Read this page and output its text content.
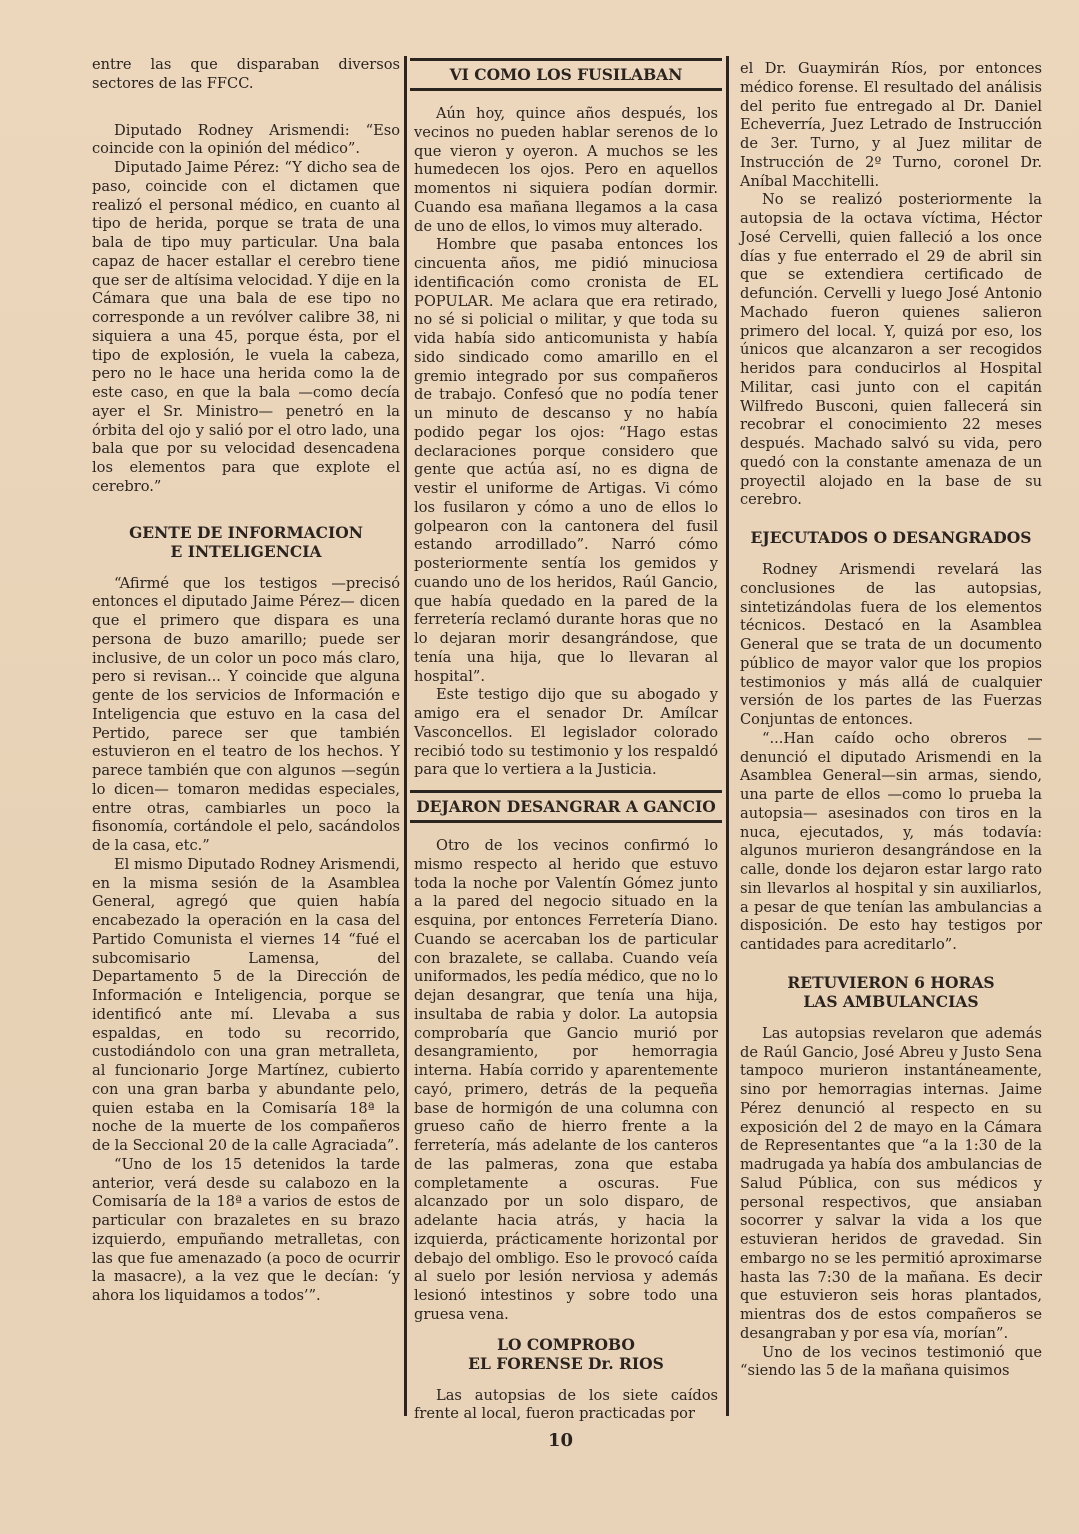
entre las que disparaban diversos sectores de las FFCC.

Diputado Rodney Arismendi: “Eso coincide con la opinión del médico”.

Diputado Jaime Pérez: “Y dicho sea de paso, coincide con el dictamen que realizó el personal médico, en cuanto al tipo de herida, porque se trata de una bala de tipo muy particular. Una bala capaz de hacer estallar el cerebro tiene que ser de altísima velocidad. Y dije en la Cámara que una bala de ese tipo no corresponde a un revólver calibre 38, ni siquiera a una 45, porque ésta, por el tipo de explosión, le vuela la cabeza, pero no le hace una herida como la de este caso, en que la bala —como decía ayer el Sr. Ministro— penetró en la órbita del ojo y salió por el otro lado, una bala que por su velocidad desencadena los elementos para que explote el cerebro.”

GENTE DE INFORMACION
E INTELIGENCIA

“Afirmé que los testigos —precisó entonces el diputado Jaime Pérez— dicen que el primero que dispara es una persona de buzo amarillo; puede ser inclusive, de un color un poco más claro, pero si revisan... Y coincide que alguna gente de los servicios de Información e Inteligencia que estuvo en la casa del Pertido, parece ser que también estuvieron en el teatro de los hechos. Y parece también que con algunos —según lo dicen— tomaron medidas especiales, entre otras, cambiarles un poco la fisonomía, cortándole el pelo, sacándolos de la casa, etc.”

El mismo Diputado Rodney Arismendi, en la misma sesión de la Asamblea General, agregó que quien había encabezado la operación en la casa del Partido Comunista el viernes 14 “fué el subcomisario Lamensa, del Departamento 5 de la Dirección de Información e Inteligencia, porque se identificó ante mí. Llevaba a sus espaldas, en todo su recorrido, custodiándolo con una gran metralleta, al funcionario Jorge Martínez, cubierto con una gran barba y abundante pelo, quien estaba en la Comisaría 18ª la noche de la muerte de los compañeros de la Seccional 20 de la calle Agraciada”.

“Uno de los 15 detenidos la tarde anterior, verá desde su calabozo en la Comisaría de la 18ª a varios de estos de particular con brazaletes en su brazo izquierdo, empuñando metralletas, con las que fue amenazado (a poco de ocurrir la masacre), a la vez que le decían: ‘y ahora los liquidamos a todos’”.

VI COMO LOS FUSILABAN

Aún hoy, quince años después, los vecinos no pueden hablar serenos de lo que vieron y oyeron. A muchos se les humedecen los ojos. Pero en aquellos momentos ni siquiera podían dormir. Cuando esa mañana llegamos a la casa de uno de ellos, lo vimos muy alterado.

Hombre que pasaba entonces los cincuenta años, me pidió minuciosa identificación como cronista de EL POPULAR. Me aclara que era retirado, no sé si policial o militar, y que toda su vida había sido anticomunista y había sido sindicado como amarillo en el gremio integrado por sus compañeros de trabajo. Confesó que no podía tener un minuto de descanso y no había podido pegar los ojos: “Hago estas declaraciones porque considero que gente que actúa así, no es digna de vestir el uniforme de Artigas. Vi cómo los fusilaron y cómo a uno de ellos lo golpearon con la cantonera del fusil estando arrodillado”. Narró cómo posteriormente sentía los gemidos y cuando uno de los heridos, Raúl Gancio, que había quedado en la pared de la ferretería reclamó durante horas que no lo dejaran morir desangrándose, que tenía una hija, que lo llevaran al hospital”.

Este testigo dijo que su abogado y amigo era el senador Dr. Amílcar Vasconcellos. El legislador colorado recibió todo su testimonio y los respaldó para que lo vertiera a la Justicia.

DEJARON DESANGRAR A GANCIO

Otro de los vecinos confirmó lo mismo respecto al herido que estuvo toda la noche por Valentín Gómez junto a la pared del negocio situado en la esquina, por entonces Ferretería Diano. Cuando se acercaban los de particular con brazalete, se callaba. Cuando veía uniformados, les pedía médico, que no lo dejan desangrar, que tenía una hija, insultaba de rabia y dolor. La autopsia comprobaría que Gancio murió por desangramiento, por hemorragia interna. Había corrido y aparentemente cayó, primero, detrás de la pequeña base de hormigón de una columna con grueso caño de hierro frente a la ferretería, más adelante de los canteros de las palmeras, zona que estaba completamente a oscuras. Fue alcanzado por un solo disparo, de adelante hacia atrás, y hacia la izquierda, prácticamente horizontal por debajo del ombligo. Eso le provocó caída al suelo por lesión nerviosa y además lesionó intestinos y sobre todo una gruesa vena.

LO COMPROBO
EL FORENSE Dr. RIOS

Las autopsias de los siete caídos frente al local, fueron practicadas por

el Dr. Guaymirán Ríos, por entonces médico forense. El resultado del análisis del perito fue entregado al Dr. Daniel Echeverría, Juez Letrado de Instrucción de 3er. Turno, y al Juez militar de Instrucción de 2º Turno, coronel Dr. Aníbal Macchitelli.

No se realizó posteriormente la autopsia de la octava víctima, Héctor José Cervelli, quien falleció a los once días y fue enterrado el 29 de abril sin que se extendiera certificado de defunción. Cervelli y luego José Antonio Machado fueron quienes salieron primero del local. Y, quizá por eso, los únicos que alcanzaron a ser recogidos heridos para conducirlos al Hospital Militar, casi junto con el capitán Wilfredo Busconi, quien fallecerá sin recobrar el conocimiento 22 meses después. Machado salvó su vida, pero quedó con la constante amenaza de un proyectil alojado en la base de su cerebro.

EJECUTADOS O DESANGRADOS

Rodney Arismendi revelará las conclusiones de las autopsias, sintetizándolas fuera de los elementos técnicos. Destacó en la Asamblea General que se trata de un documento público de mayor valor que los propios testimonios y más allá de cualquier versión de los partes de las Fuerzas Conjuntas de entonces.

“...Han caído ocho obreros —denunció el diputado Arismendi en la Asamblea General—sin armas, siendo, una parte de ellos —como lo prueba la autopsia— asesinados con tiros en la nuca, ejecutados, y, más todavía: algunos murieron desangrándose en la calle, donde los dejaron estar largo rato sin llevarlos al hospital y sin auxiliarlos, a pesar de que tenían las ambulancias a disposición. De esto hay testigos por cantidades para acreditarlo”.

RETUVIERON 6 HORAS
LAS AMBULANCIAS

Las autopsias revelaron que además de Raúl Gancio, José Abreu y Justo Sena tampoco murieron instantáneamente, sino por hemorragias internas. Jaime Pérez denunció al respecto en su exposición del 2 de mayo en la Cámara de Representantes que “a la 1:30 de la madrugada ya había dos ambulancias de Salud Pública, con sus médicos y personal respectivos, que ansiaban socorrer y salvar la vida a los que estuvieran heridos de gravedad. Sin embargo no se les permitió aproximarse hasta las 7:30 de la mañana. Es decir que estuvieron seis horas plantados, mientras dos de estos compañeros se desangraban y por esa vía, morían”.

Uno de los vecinos testimonió que “siendo las 5 de la mañana quisimos

10
